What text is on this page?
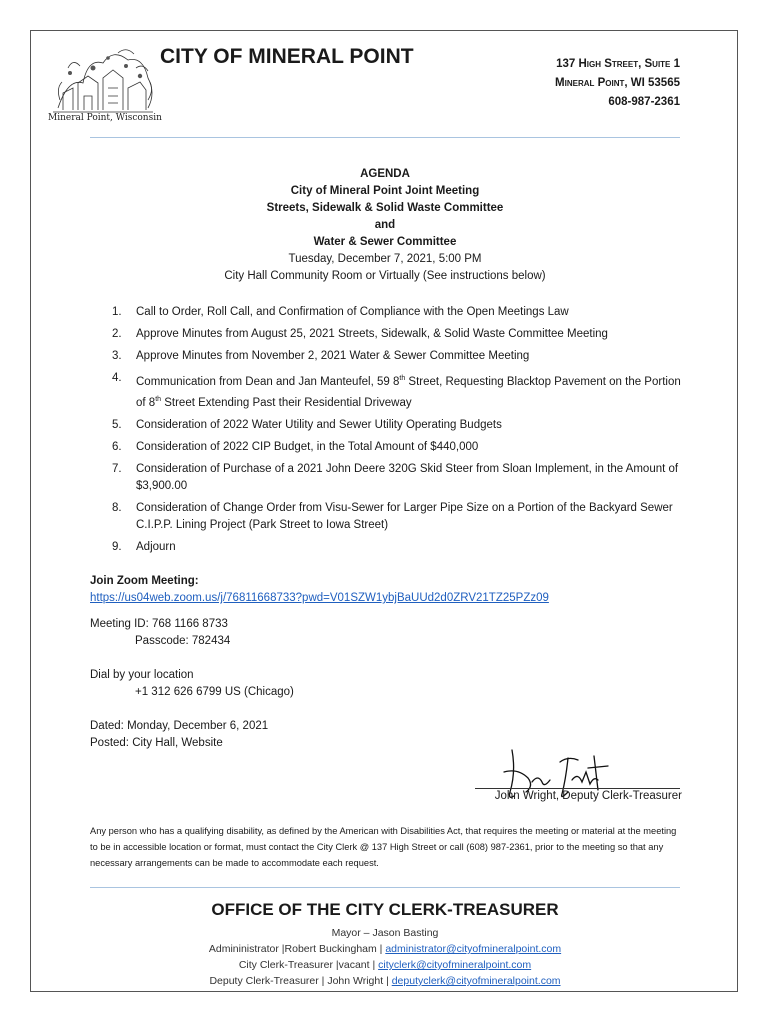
Mineral Point, Wisconsin
CITY OF MINERAL POINT	137 High Street, Suite 1
Mineral Point, WI 53565
608-987-2361
AGENDA
City of Mineral Point Joint Meeting
Streets, Sidewalk & Solid Waste Committee
and
Water & Sewer Committee
Tuesday, December 7, 2021, 5:00 PM
City Hall Community Room or Virtually (See instructions below)
1. Call to Order, Roll Call, and Confirmation of Compliance with the Open Meetings Law
2. Approve Minutes from August 25, 2021 Streets, Sidewalk, & Solid Waste Committee Meeting
3. Approve Minutes from November 2, 2021 Water & Sewer Committee Meeting
4. Communication from Dean and Jan Manteufel, 59 8th Street, Requesting Blacktop Pavement on the Portion of 8th Street Extending Past their Residential Driveway
5. Consideration of 2022 Water Utility and Sewer Utility Operating Budgets
6. Consideration of 2022 CIP Budget, in the Total Amount of $440,000
7. Consideration of Purchase of a 2021 John Deere 320G Skid Steer from Sloan Implement, in the Amount of $3,900.00
8. Consideration of Change Order from Visu-Sewer for Larger Pipe Size on a Portion of the Backyard Sewer C.I.P.P. Lining Project (Park Street to Iowa Street)
9. Adjourn
Join Zoom Meeting:
https://us04web.zoom.us/j/76811668733?pwd=V01SZW1ybjBaUUd2d0ZRV21TZ25PZz09
Meeting ID: 768 1166 8733
Passcode: 782434
Dial by your location
+1 312 626 6799 US (Chicago)
Dated: Monday, December 6, 2021
Posted: City Hall, Website
John Wright, Deputy Clerk-Treasurer
Any person who has a qualifying disability, as defined by the American with Disabilities Act, that requires the meeting or material at the meeting to be in accessible location or format, must contact the City Clerk @ 137 High Street or call (608) 987-2361, prior to the meeting so that any necessary arrangements can be made to accommodate each request.
OFFICE OF THE CITY CLERK-TREASURER
Mayor – Jason Basting
Admininistrator |Robert Buckingham | administrator@cityofmineralpoint.com
City Clerk-Treasurer |vacant | cityclerk@cityofmineralpoint.com
Deputy Clerk-Treasurer | John Wright | deputyclerk@cityofmineralpoint.com
